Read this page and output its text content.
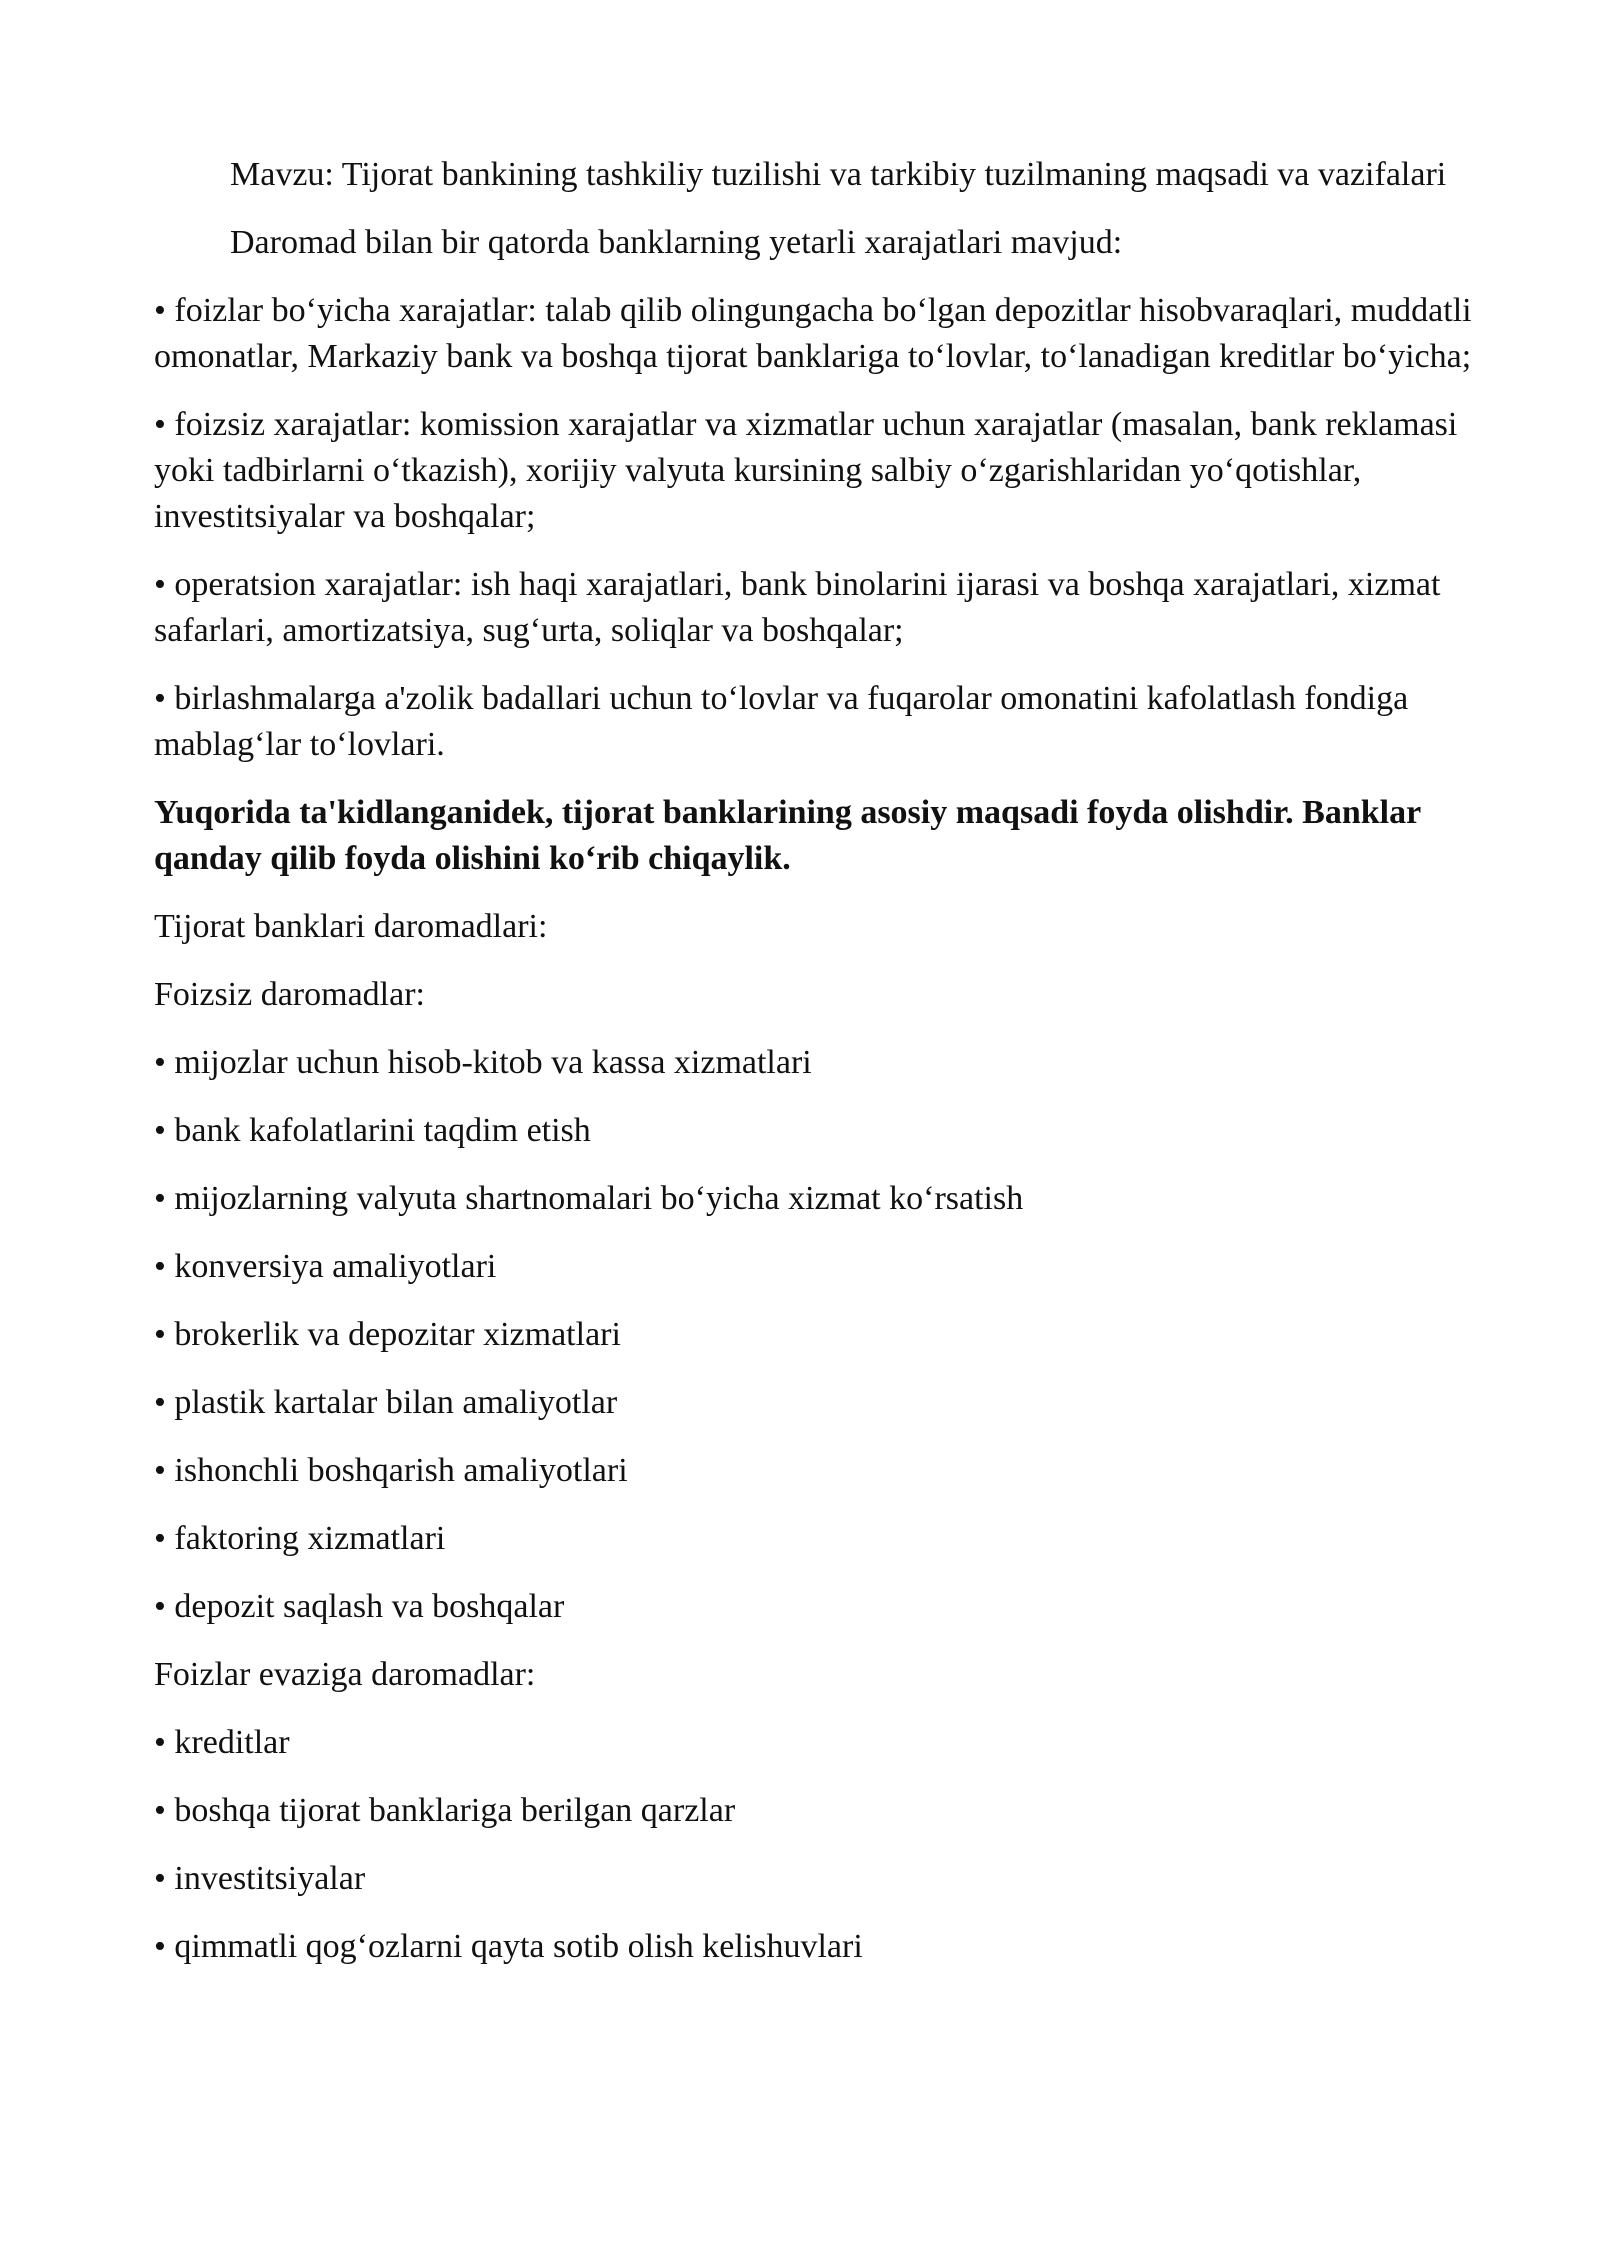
Mavzu: Tijorat bankining tashkiliy tuzilishi va tarkibiy tuzilmaning maqsadi va vazifalari

Daromad bilan bir qatorda banklarning yetarli xarajatlari mavjud:

• foizlar bo‘yicha xarajatlar: talab qilib olingungacha bo‘lgan depozitlar hisobvaraqlari, muddatli omonatlar, Markaziy bank va boshqa tijorat banklariga to‘lovlar, to‘lanadigan kreditlar bo‘yicha;

• foizsiz xarajatlar: komission xarajatlar va xizmatlar uchun xarajatlar (masalan, bank reklamasi yoki tadbirlarni o‘tkazish), xorijiy valyuta kursining salbiy o‘zgarishlaridan yo‘qotishlar, investitsiyalar va boshqalar;

• operatsion xarajatlar: ish haqi xarajatlari, bank binolarini ijarasi va boshqa xarajatlari, xizmat safarlari, amortizatsiya, sug‘urta, soliqlar va boshqalar;

• birlashmalarga a'zolik badallari uchun to‘lovlar va fuqarolar omonatini kafolatlash fondiga mablag‘lar to‘lovlari.

Yuqorida ta'kidlanganidek, tijorat banklarining asosiy maqsadi foyda olishdir. Banklar qanday qilib foyda olishini ko‘rib chiqaylik.

Tijorat banklari daromadlari:

Foizsiz daromadlar:

• mijozlar uchun hisob-kitob va kassa xizmatlari

• bank kafolatlarini taqdim etish

• mijozlarning valyuta shartnomalari bo‘yicha xizmat ko‘rsatish

• konversiya amaliyotlari

• brokerlik va depozitar xizmatlari

• plastik kartalar bilan amaliyotlar

• ishonchli boshqarish amaliyotlari

• faktoring xizmatlari

• depozit saqlash va boshqalar

Foizlar evaziga daromadlar:

• kreditlar

• boshqa tijorat banklariga berilgan qarzlar

• investitsiyalar

• qimmatli qog‘ozlarni qayta sotib olish kelishuvlari
